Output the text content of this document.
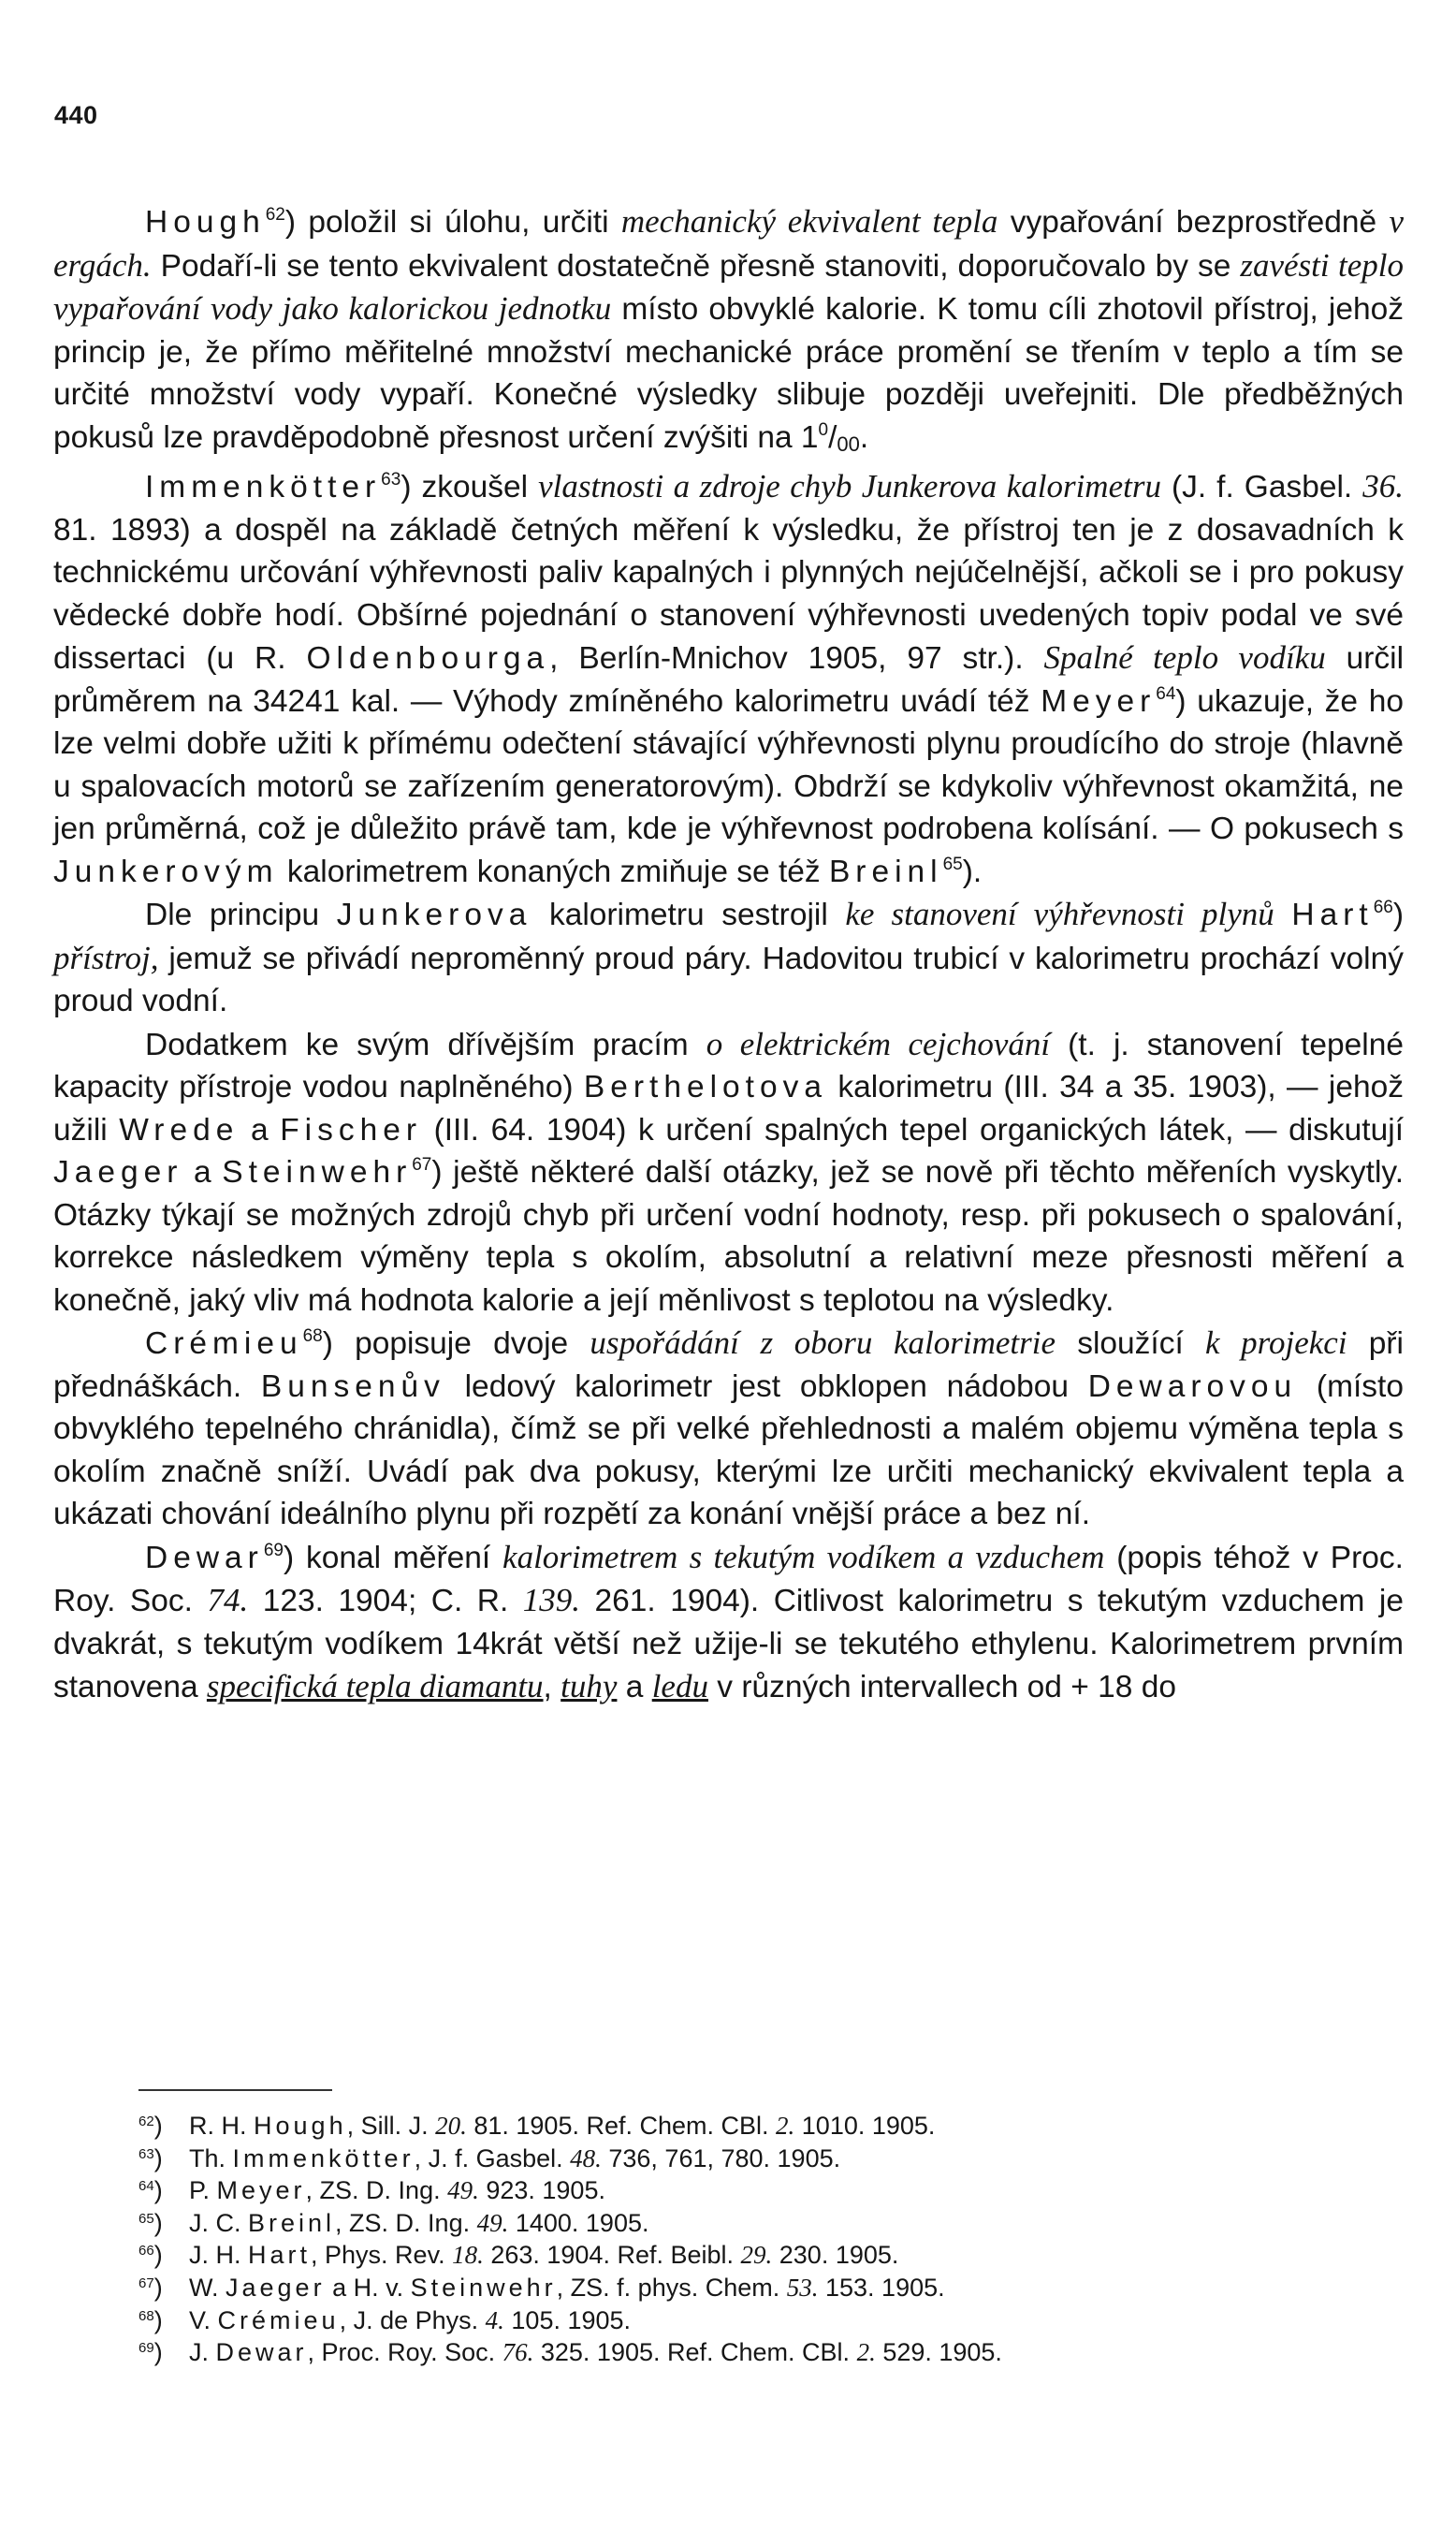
440

Hough$^{62}$) položil si úlohu, určiti mechanický ekvivalent tepla vypařování bezprostředně v ergách. Podaří-li se tento ekvivalent dostatečně přesně stanoviti, doporučovalo by se zavésti teplo vypařování vody jako kalorickou jednotku místo obvyklé kalorie. K tomu cíli zhotovil přístroj, jehož princip je, že přímo měřitelné množství mechanické práce promění se třením v teplo a tím se určité množství vody vypaří. Konečné výsledky slibuje později uveřejniti. Dle předběžných pokusů lze pravděpodobně přesnost určení zvýšiti na $1^0/00$.

Immenkötter$^{63}$) zkoušel vlastnosti a zdroje chyb Junkerova kalorimetru (J. f. Gasbel. 36. 81. 1893) a dospěl na základě četných měření k výsledku, že přístroj ten je z dosavadních k technickému určování výhřevnosti paliv kapalných i plynných nejúčelnější, ačkoli se i pro pokusy vědecké dobře hodí. Obšírné pojednání o stanovení výhřevnosti uvedených topiv podal ve své dissertaci (u R. Oldenbourga, Berlín-Mnichov 1905, 97 str.). Spalné teplo vodíku určil průměrem na 34241 kal. — Výhody zmíněného kalorimetru uvádí též Meyer$^{64}$) ukazuje, že ho lze velmi dobře užiti k přímému odečtení stávající výhřevnosti plynu proudícího do stroje (hlavně u spalovacích motorů se zařízením generatorovým). Obdrží se kdykoliv výhřevnost okamžitá, ne jen průměrná, což je důležito právě tam, kde je výhřevnost podrobena kolísání. — O pokusech s Junkerovým kalorimetrem konaných zmiňuje se též Breinl$^{65}$).

Dle principu Junkerova kalorimetru sestrojil ke stanovení výhřevnosti plynů Hart$^{66}$) přístroj, jemuž se přivádí neproměnný proud páry. Hadovitou trubicí v kalorimetru prochází volný proud vodní.

Dodatkem ke svým dřívějším pracím o elektrickém cejchování (t. j. stanovení tepelné kapacity přístroje vodou naplněného) Berthelotova kalorimetru (III. 34 a 35. 1903), — jehož užili Wrede a Fischer (III. 64. 1904) k určení spalných tepel organických látek, — diskutují Jaeger a Steinwehr$^{67}$) ještě některé další otázky, jež se nově při těchto měřeních vyskytly. Otázky týkají se možných zdrojů chyb při určení vodní hodnoty, resp. při pokusech o spalování, korrekce následkem výměny tepla s okolím, absolutní a relativní meze přesnosti měření a konečně, jaký vliv má hodnota kalorie a její měnlivost s teplotou na výsledky.

Crémieu$^{68}$) popisuje dvoje uspořádání z oboru kalorimetrie sloužící k projekci při přednáškách. Bunsenův ledový kalorimetr jest obklopen nádobou Dewarovou (místo obvyklého tepelného chránidla), čímž se při velké přehlednosti a malém objemu výměna tepla s okolím značně sníží. Uvádí pak dva pokusy, kterými lze určiti mechanický ekvivalent tepla a ukázati chování ideálního plynu při rozpětí za konání vnější práce a bez ní.

Dewar$^{69}$) konal měření kalorimetrem s tekutým vodíkem a vzduchem (popis téhož v Proc. Roy. Soc. 74. 123. 1904; C. R. 139. 261. 1904). Citlivost kalorimetru s tekutým vzduchem je dvakrát, s tekutým vodíkem 14krát větší než užije-li se tekutého ethylenu. Kalorimetrem prvním stanovena specifická tepla diamantu, tuhy a ledu v různých intervallech od + 18 do

$^{62}$) R. H. Hough, Sill. J. 20. 81. 1905. Ref. Chem. CBl. 2. 1010. 1905.
$^{63}$) Th. Immenkötter, J. f. Gasbel. 48. 736, 761, 780. 1905.
$^{64}$) P. Meyer, ZS. D. Ing. 49. 923. 1905.
$^{65}$) J. C. Breinl, ZS. D. Ing. 49. 1400. 1905.
$^{66}$) J. H. Hart, Phys. Rev. 18. 263. 1904. Ref. Beibl. 29. 230. 1905.
$^{67}$) W. Jaeger a H. v. Steinwehr, ZS. f. phys. Chem. 53. 153. 1905.
$^{68}$) V. Crémieu, J. de Phys. 4. 105. 1905.
$^{69}$) J. Dewar, Proc. Roy. Soc. 76. 325. 1905. Ref. Chem. CBl. 2. 529. 1905.
